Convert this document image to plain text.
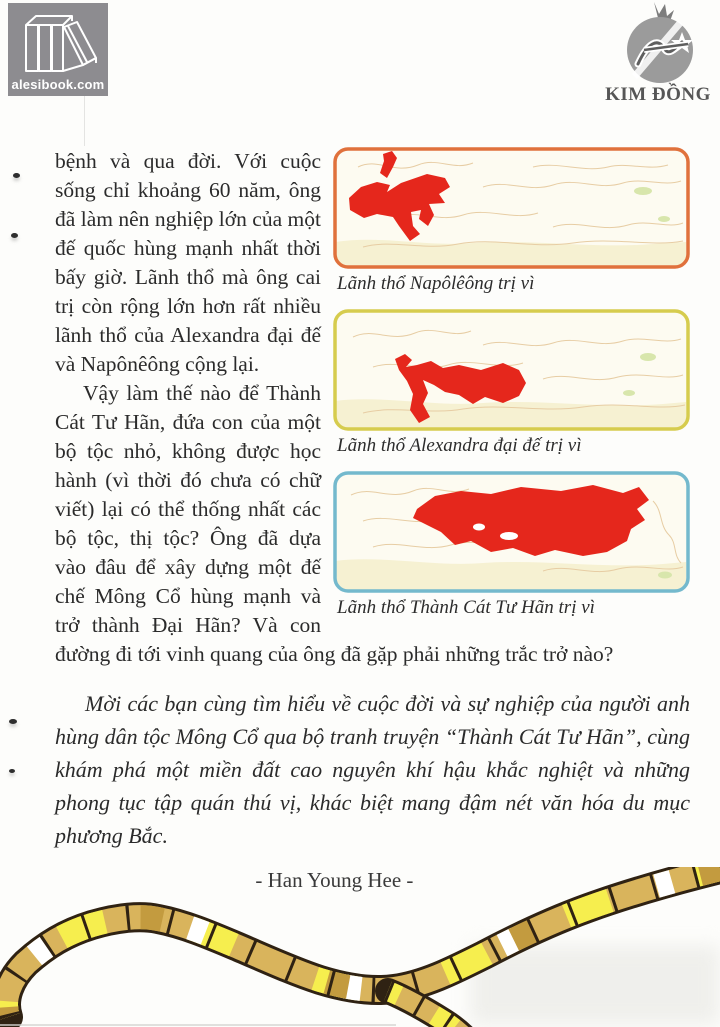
alesibook.com	KIM ĐỒNG
Lãnh thổ Napôlêông trị vì
Lãnh thổ Alexandra đại đế trị vì
Lãnh thổ Thành Cát Tư Hãn trị vì

bệnh và qua đời. Với cuộc sống chỉ khoảng 60 năm, ông đã làm nên nghiệp lớn của một đế quốc hùng mạnh nhất thời bấy giờ. Lãnh thổ mà ông cai trị còn rộng lớn hơn rất nhiều lãnh thổ của Alexandra đại đế và Napônêông cộng lại.

Vậy làm thế nào để Thành Cát Tư Hãn, đứa con của một bộ tộc nhỏ, không được học hành (vì thời đó chưa có chữ viết) lại có thể thống nhất các bộ tộc, thị tộc? Ông đã dựa vào đâu để xây dựng một đế chế Mông Cổ hùng mạnh và trở thành Đại Hãn? Và con đường đi tới vinh quang của ông đã gặp phải những trắc trở nào?

Mời các bạn cùng tìm hiểu về cuộc đời và sự nghiệp của người anh hùng dân tộc Mông Cổ qua bộ tranh truyện “Thành Cát Tư Hãn”, cùng khám phá một miền đất cao nguyên khí hậu khắc nghiệt và những phong tục tập quán thú vị, khác biệt mang đậm nét văn hóa du mục phương Bắc.

- Han Young Hee -
